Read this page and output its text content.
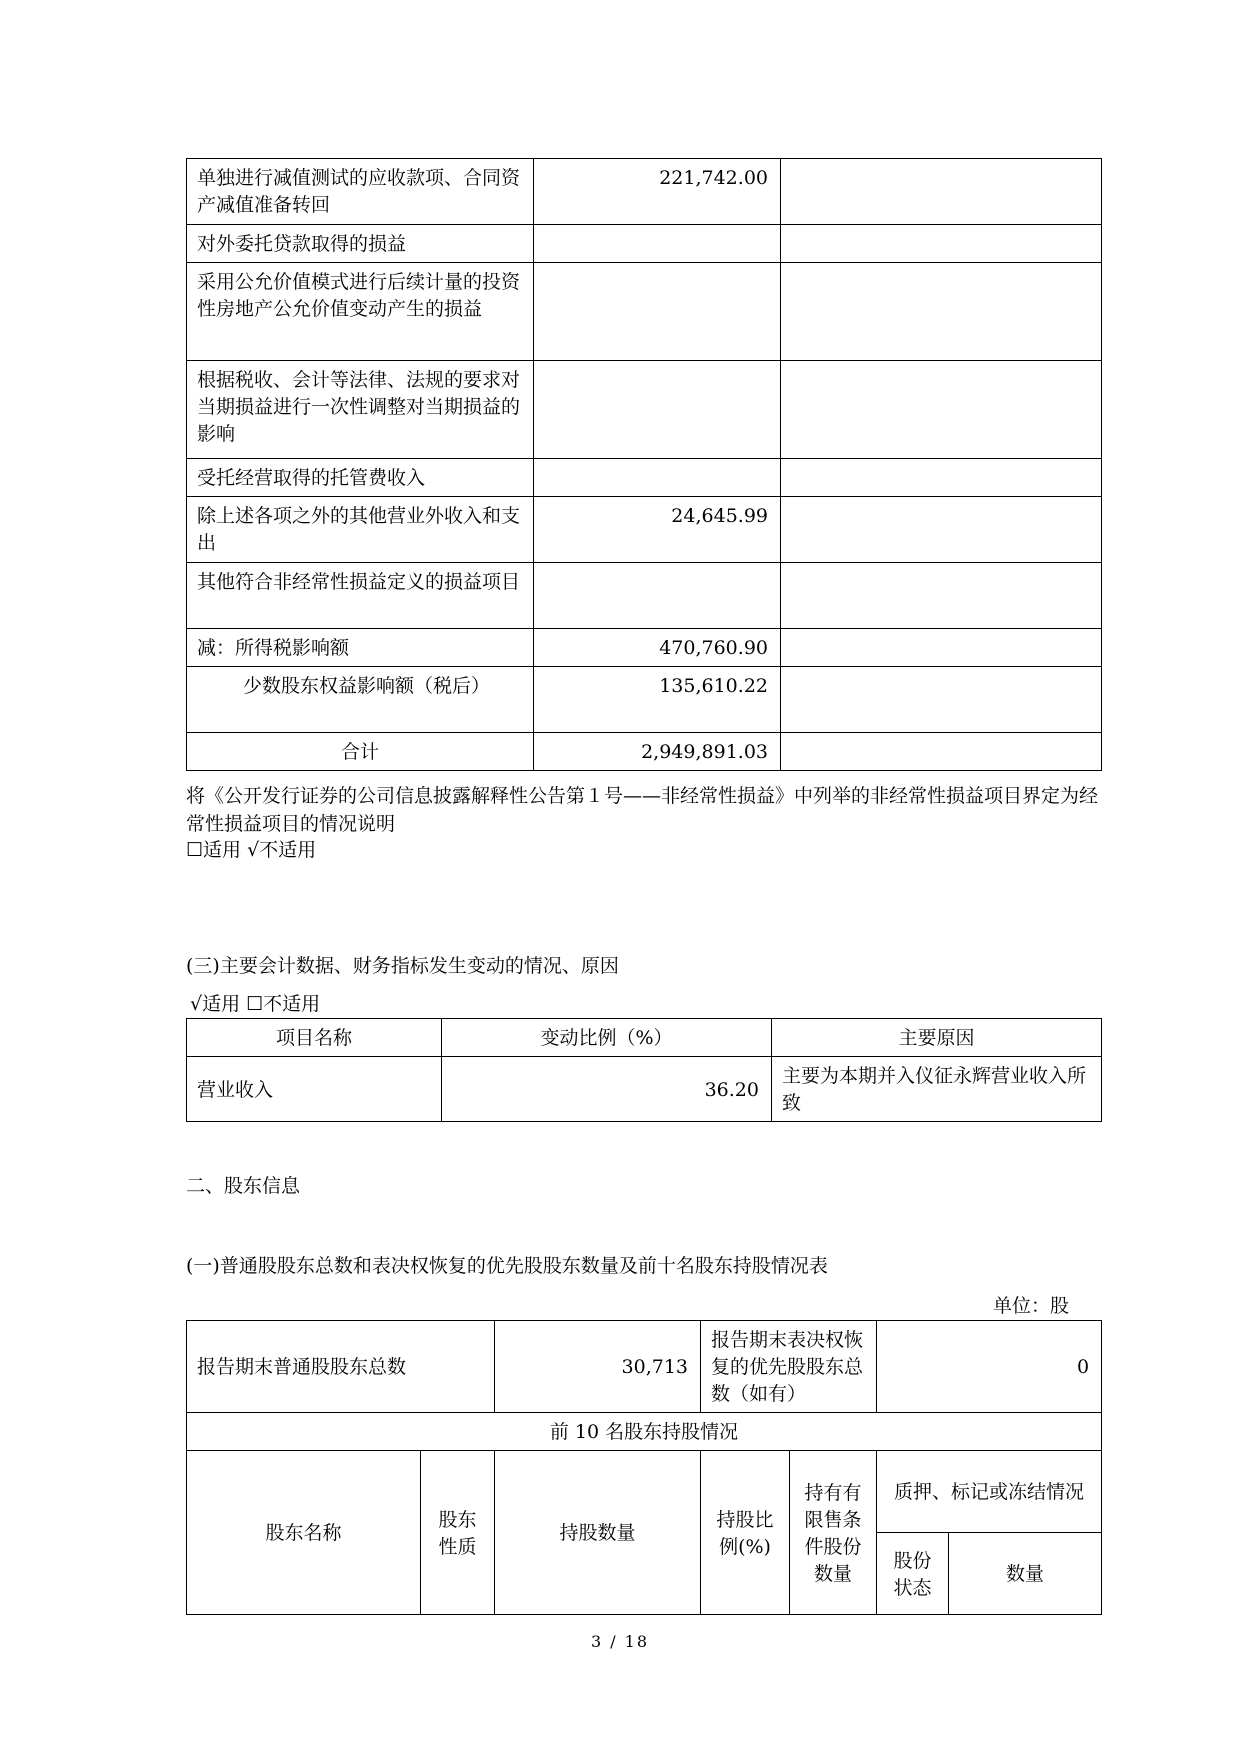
单独进行减值测试的应收款项、合同资产减值准备转回	221,742.00	
对外委托贷款取得的损益		
采用公允价值模式进行后续计量的投资性房地产公允价值变动产生的损益		
根据税收、会计等法律、法规的要求对当期损益进行一次性调整对当期损益的影响		
受托经营取得的托管费收入		
除上述各项之外的其他营业外收入和支出	24,645.99	
其他符合非经常性损益定义的损益项目		
减：所得税影响额	470,760.90	
少数股东权益影响额（税后）	135,610.22	
合计	2,949,891.03	
将《公开发行证券的公司信息披露解释性公告第１号——非经常性损益》中列举的非经常性损益项目界定为经常性损益项目的情况说明
☐适用 √不适用
(三)主要会计数据、财务指标发生变动的情况、原因
√适用 ☐不适用
项目名称	变动比例（%）	主要原因
营业收入	36.20	主要为本期并入仪征永辉营业收入所致
二、股东信息
(一)普通股股东总数和表决权恢复的优先股股东数量及前十名股东持股情况表
单位：股
报告期末普通股股东总数		30,713	报告期末表决权恢复的优先股股东总数（如有）		0	
前 10 名股东持股情况						
股东名称	股东性质	持股数量	持股比例(%)	持有有限售条件股份数量	质押、标记或冻结情况	
					股份状态	数量
3 / 18
